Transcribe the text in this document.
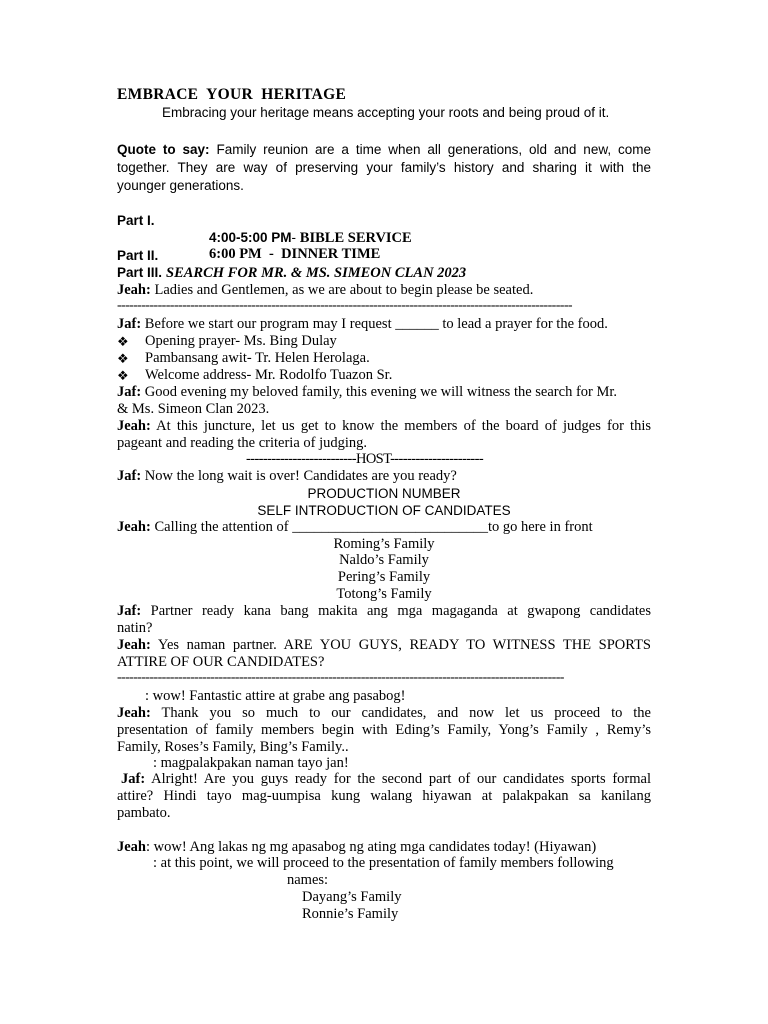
EMBRACE  YOUR  HERITAGE
Embracing your heritage means accepting your roots and being proud of it.
Quote to say: Family reunion are a time when all generations, old and new, come
together. They are way of preserving your family’s history and sharing it with the
younger generations.
Part I.
4:00-5:00 PM- BIBLE SERVICE
Part II.	6:00 PM  -  DINNER TIME
Part III. SEARCH FOR MR. & MS. SIMEON CLAN 2023
Jeah: Ladies and Gentlemen, as we are about to begin please be seated.
----------------------------------------------------------------------------------------------------------------
Jaf: Before we start our program may I request ______ to lead a prayer for the food.
❖ Opening prayer- Ms. Bing Dulay
❖ Pambansang awit- Tr. Helen Herolaga.
❖ Welcome address- Mr. Rodolfo Tuazon Sr.
Jaf: Good evening my beloved family, this evening we will witness the search for Mr.
& Ms. Simeon Clan 2023.
Jeah: At this juncture, let us get to know the members of the board of judges for this
pageant and reading the criteria of judging.
--------------------------HOST----------------------
Jaf: Now the long wait is over! Candidates are you ready?
PRODUCTION NUMBER
SELF INTRODUCTION OF CANDIDATES
Jeah: Calling the attention of ___________________________to go here in front
Roming’s Family
Naldo’s Family
Pering’s Family
Totong’s Family
Jaf: Partner ready kana bang makita ang mga magaganda at gwapong candidates
natin?
Jeah: Yes naman partner. ARE YOU GUYS, READY TO WITNESS THE SPORTS
ATTIRE OF OUR CANDIDATES?
--------------------------------------------------------------------------------------------------------------
: wow! Fantastic attire at grabe ang pasabog!
Jeah: Thank you so much to our candidates, and now let us proceed to the
presentation of family members begin with Eding’s Family, Yong’s Family , Remy’s
Family, Roses’s Family, Bing’s Family..
: magpalakpakan naman tayo jan!
Jaf: Alright! Are you guys ready for the second part of our candidates sports formal
attire? Hindi tayo mag-uumpisa kung walang hiyawan at palakpakan sa kanilang
pambato.
Jeah: wow! Ang lakas ng mg apasabog ng ating mga candidates today! (Hiyawan)
: at this point, we will proceed to the presentation of family members following
names:
Dayang’s Family
Ronnie’s Family
